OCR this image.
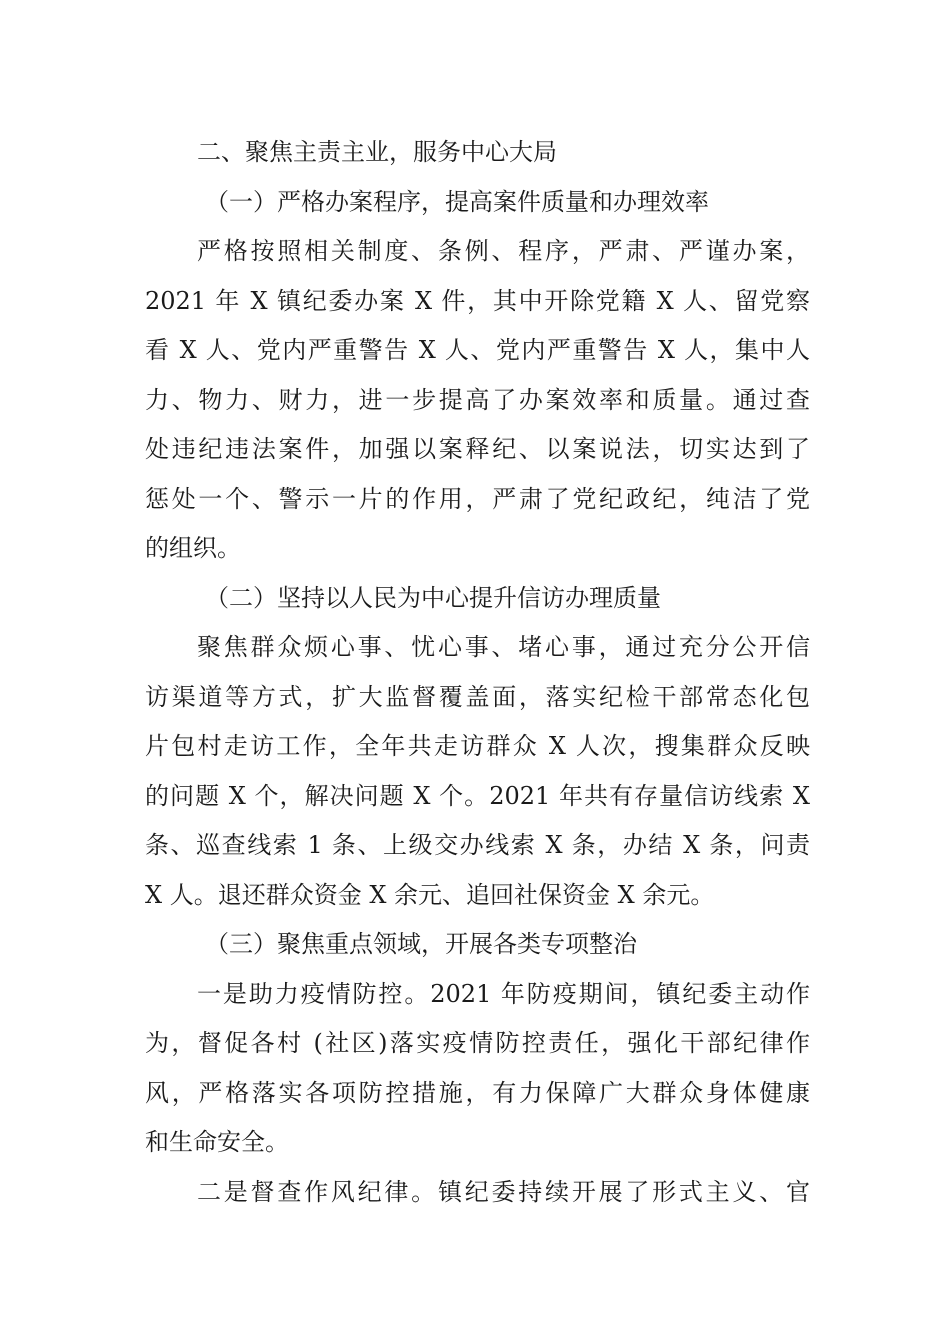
二、聚焦主责主业，服务中心大局
（一）严格办案程序，提高案件质量和办理效率
严格按照相关制度、条例、程序，严肃、严谨办案，
2021 年 X 镇纪委办案 X 件，其中开除党籍 X 人、留党察
看 X 人、党内严重警告 X 人、党内严重警告 X 人，集中人
力、物力、财力，进一步提高了办案效率和质量。通过查
处违纪违法案件，加强以案释纪、以案说法，切实达到了
惩处一个、警示一片的作用，严肃了党纪政纪，纯洁了党
的组织。
（二）坚持以人民为中心提升信访办理质量
聚焦群众烦心事、忧心事、堵心事，通过充分公开信
访渠道等方式，扩大监督覆盖面，落实纪检干部常态化包
片包村走访工作，全年共走访群众 X 人次，搜集群众反映
的问题 X 个，解决问题 X 个。2021 年共有存量信访线索 X
条、巡查线索 1 条、上级交办线索 X 条，办结 X 条，问责
X 人。退还群众资金 X 余元、追回社保资金 X 余元。
（三）聚焦重点领域，开展各类专项整治
一是助力疫情防控。2021 年防疫期间，镇纪委主动作
为，督促各村 (社区)落实疫情防控责任，强化干部纪律作
风，严格落实各项防控措施，有力保障广大群众身体健康
和生命安全。
二是督查作风纪律。镇纪委持续开展了形式主义、官
